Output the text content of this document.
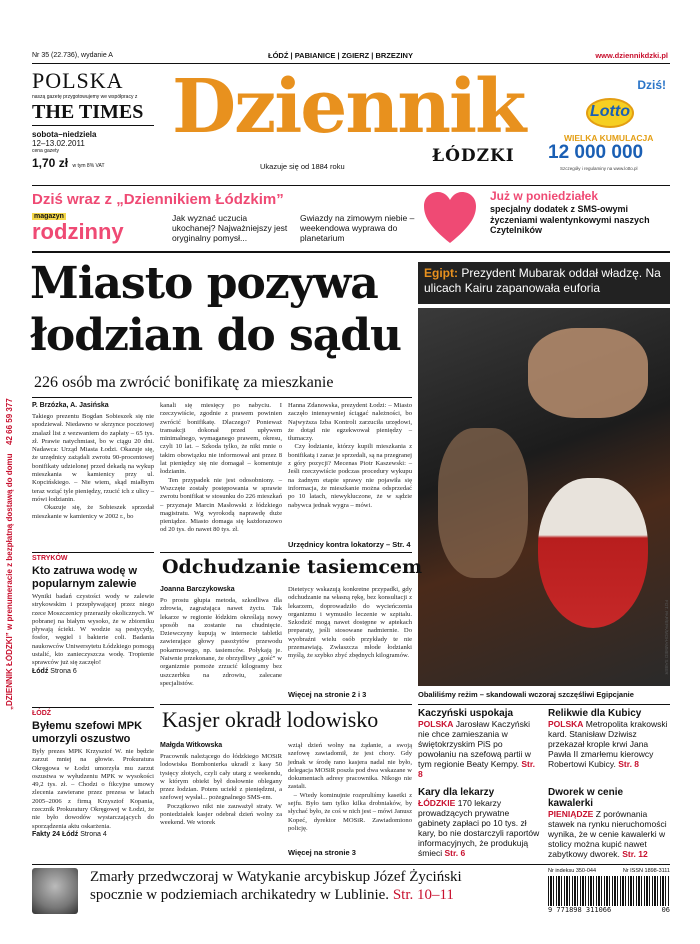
„DZIENNIK ŁÓDZKI” w prenumeracie z bezpłatną dostawą do domu 42 66 59 377
Nr 35 (22.736), wydanie A	ŁÓDŹ | PABIANICE | ZGIERZ | BRZEZINY	www.dziennikdzki.pl
POLSKA
naszą gazetę przygotowujemy we współpracy z
THE TIMES
sobota–niedziela
12–13.02.2011
cena gazety
1,70 zł w tym 8% VAT
Dziennik
ŁÓDZKI
Ukazuje się od 1884 roku
Dziś!
Lotto
WIELKA KUMULACJA
12 000 000
Szczegóły i regulaminy na www.lotto.pl
Dziś wraz z „Dziennikiem Łódzkim”
magazyn
rodzinny
Jak wyznać uczucia ukochanej? Najważniejszy jest oryginalny pomysł...
Gwiazdy na zimowym niebie – weekendowa wyprawa do planetarium
Już w poniedziałek
specjalny dodatek z SMS-owymi życzeniami walentynkowymi naszych Czytelników
Miasto pozywa
łodzian do sądu
226 osób ma zwrócić bonifikatę za mieszkanie
P. Brzózka, A. Jasińska
Takiego prezentu Bogdan Sobieszek się nie spodziewał. Niedawno w skrzynce pocztowej znalazł list z wezwaniem do zapłaty – 65 tys. zł. Prawie natychmiast, bo w ciągu 20 dni. Nadawca: Urząd Miasta Łodzi. Okazuje się, że urzędnicy zażądali zwrotu 90-procentowej bonifikaty udzielonej przed dekadą na wykup mieszkania w kamienicy przy ul. Kopcińskiego. – Nie wiem, skąd miałbym teraz wziąć tyle pieniędzy, rzucić ich z ulicy – mówi łodzianin.
Okazuje się, że Sobieszek sprzedał mieszkanie w kamienicy w 2002 r., bo
kanali się miesięcy po nabyciu. I rzeczywiście, zgodnie z prawem powinien zwrócić bonifikatę. Dlaczego? Ponieważ transakcji dokonał przed upływem minimalnego, wymaganego prawem, okresu, czyli 10 lat. – Szkoda tylko, że nikt mnie o takim obowiązku nie informował ani przez 8 lat pieniędzy się nie domagał – komentuje łodzianin.
Ten przypadek nie jest odosobniony. – Wszczęte zostały postępowania w sprawie zwrotu bonifikat w stosunku do 226 mieszkań – przyznaje Marcin Masłowski z łódzkiego magistratu. Wg wyrokodą naprawdę duże pieniądze. Miasto domaga się każdorazowo od 20 tys. do nawet 80 tys. zł.
Hanna Zdanowska, prezydent Łodzi: – Miasto zaczęło intensywniej ściągać należności, bo Najwyższa Izba Kontroli zarzuciła urzędowi, że dotąd nie egzekwował pieniędzy – tłumaczy.
Czy łodzianie, którzy kupili mieszkania z bonifikatą i zaraz je sprzedali, są na przegranej z góry pozycji? Mecenas Piotr Kaszewski: – Jeśli rzeczywiście podczas procedury wykupu na żadnym etapie sprawy nie pojawiła się informacja, że mieszkanie można odsprzedać po 10 latach, niewykluczone, że w sądzie nabywca jednak wygra – mówi.
Urzędnicy kontra lokatorzy – Str. 4
Egipt: Prezydent Mubarak oddał władzę. Na ulicach Kairu zapanowała euforia
FOT. PAP/EPA/MOHAMMED SABER
Obaliliśmy reżim – skandowali wczoraj szczęśliwi Egipcjanie
STRYKÓW
Kto zatruwa wodę w popularnym zalewie
Wyniki badań czystości wody w zalewie strykowskim i przepływającej przez niego rzece Moszczenicy przeraziły okolicznych. W pobranej na białym wysoko, że w zbiorniku pływają ścieki. W wodzie są pestycydy, fosfor, węgiel i bakterie coli. Badania naukowców Uniwersytetu Łódzkiego pomogą ustalić, kto zanieczyszcza wodę. Tropienie sprawców już się zaczęło!
Łódź Strona 6
ŁÓDŹ
Byłemu szefowi MPK umorzyli oszustwo
Były prezes MPK Krzysztof W. nie będzie zarzut mniej na głowie. Prokuratura Okręgowa w Łodzi umorzyła mu zarzut oszustwa w wyłudzeniu MPK w wysokości 49,2 tys. zł. – Chodzi o fikcyjne umowy zlecenia zawierane przez prezesa w latach 2005–2006 z firmą Krzysztof Kopania, rzecznik Prokuratury Okręgowej w Łodzi, że nie było dowodów wystarczających do sporządzenia aktu oskarżenia.
Fakty 24 Łódź Strona 4
Odchudzanie tasiemcem
Joanna Barczykowska
Po prostu głupia metoda, szkodliwa dla zdrowia, zagrażająca nawet życiu. Tak lekarze w regionie łódzkim określają nowy sposób na zostanie na chudnięcie. Dziewczyny kupują w internecie tabletki zawierające głowy pasożytów przewodu pokarmowego, np. tasiemców. Połykają je. Naiwnie przekonane, że obrzydliwy „gość” w organizmie pomoże zrzucić kilogramy bez uszczerbku na zdrowiu, zalecane specjalistów.
Dietetycy wskazują konkretne przypadki, gdy odchudzanie na własną rękę, bez konsultacji z lekarzem, doprowadziło do wycieńczenia organizmu i wymusiło leczenie w szpitalu. Szkodzić mogą nawet dostępne w aptekach preparaty, jeśli stosowane nadmiernie. Do wyobraźni wielu osób przykłady te nie przemawiają. Zwłaszcza młode łodzianki myślą, że szybko zbyć zbędnych kilogramów.
Więcej na stronie 2 i 3
Kasjer okradł lodowisko
Małgda Witkowska
Pracownik należącego do łódzkiego MOSiR lodowiska Bombonierka ukradł z kasy 50 tysięcy złotych, czyli cały utarg z weekendu, w którym obiekt był dosłownie oblegany przez łodzian. Potem uciekł z pieniędzmi, a szefowej wysłał... pożegnalnego SMS-em.
Początkowo nikt nie zauważył straty. W poniedziałek kasjer odebrał dzień wolny za weekend. We wtorek
wziął dzień wolny na żądanie, a swoją szefowę zawiadomił, że jest chory. Gdy jednak w środę rano kasjera nadal nie było, delegacja MOSiR poszła pod dwa wskazane w dokumentach adresy pracownika. Nikogo nie zastali.
– Wtedy kominujnie rozpruliśmy kasetki z sejfu. Było tam tylko kilka drobniaków, by słychać było, że coś w nich jest – mówi Janusz Kopeć, dyrektor MOSiR. Zawiadomiono policję.
Więcej na stronie 3
Kaczyński uspokaja
POLSKA Jarosław Kaczyński nie chce zamieszania w świętokrzyskim PiS po powołaniu na szefową partii w tym regionie Beaty Kempy. Str. 8
Relikwie dla Kubicy
POLSKA Metropolita krakowski kard. Stanisław Dziwisz przekazał krople krwi Jana Pawła II zmarłemu kierowcy Robertowi Kubicy. Str. 8
Kary dla lekarzy
ŁÓDZKIE 170 lekarzy prowadzących prywatne gabinety zapłaci po 10 tys. zł kary, bo nie dostarczyli raportów informacyjnych, że produkują śmieci Str. 6
Dworek w cenie kawalerki
PIENIĄDZE Z porównania stawek na rynku nieruchomości wynika, że w cenie kawalerki w stolicy można kupić nawet zabytkowy dworek. Str. 12
Zmarły przedwczoraj w Watykanie arcybiskup Józef Życiński
spocznie w podziemiach archikatedry w Lublinie. Str. 10–11
Nr indeksu 350-044	Nr ISSN 1898-3111
9 771898 311066	06
